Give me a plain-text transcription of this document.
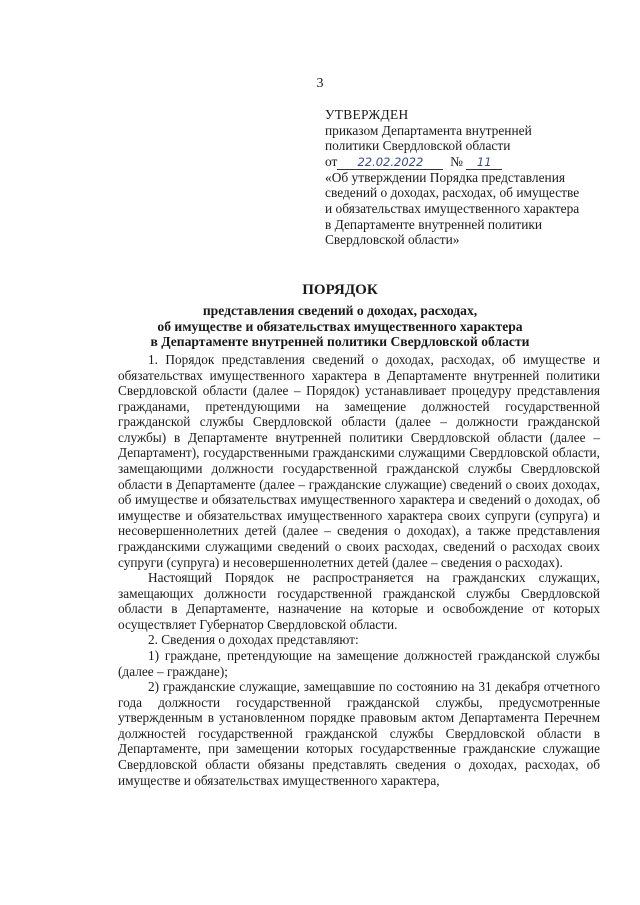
3
УТВЕРЖДЕН
приказом Департамента внутренней
политики Свердловской области
от 22.02.2022 № 11
«Об утверждении Порядка представления
сведений о доходах, расходах, об имуществе
и обязательствах имущественного характера
в Департаменте внутренней политики
Свердловской области»
ПОРЯДОК
представления сведений о доходах, расходах,
об имуществе и обязательствах имущественного характера
в Департаменте внутренней политики Свердловской области

1. Порядок представления сведений о доходах, расходах, об имуществе и обязательствах имущественного характера в Департаменте внутренней политики Свердловской области (далее – Порядок) устанавливает процедуру представления гражданами, претендующими на замещение должностей государственной гражданской службы Свердловской области (далее – должности гражданской службы) в Департаменте внутренней политики Свердловской области (далее – Департамент), государственными гражданскими служащими Свердловской области, замещающими должности государственной гражданской службы Свердловской области в Департаменте (далее – гражданские служащие) сведений о своих доходах, об имуществе и обязательствах имущественного характера и сведений о доходах, об имуществе и обязательствах имущественного характера своих супруги (супруга) и несовершеннолетних детей (далее – сведения о доходах), а также представления гражданскими служащими сведений о своих расходах, сведений о расходах своих супруги (супруга) и несовершеннолетних детей (далее – сведения о расходах).

Настоящий Порядок не распространяется на гражданских служащих, замещающих должности государственной гражданской службы Свердловской области в Департаменте, назначение на которые и освобождение от которых осуществляет Губернатор Свердловской области.

2. Сведения о доходах представляют:

1) граждане, претендующие на замещение должностей гражданской службы (далее – граждане);

2) гражданские служащие, замещавшие по состоянию на 31 декабря отчетного года должности государственной гражданской службы, предусмотренные утвержденным в установленном порядке правовым актом Департамента Перечнем должностей государственной гражданской службы Свердловской области в Департаменте, при замещении которых государственные гражданские служащие Свердловской области обязаны представлять сведения о доходах, расходах, об имуществе и обязательствах имущественного характера,
